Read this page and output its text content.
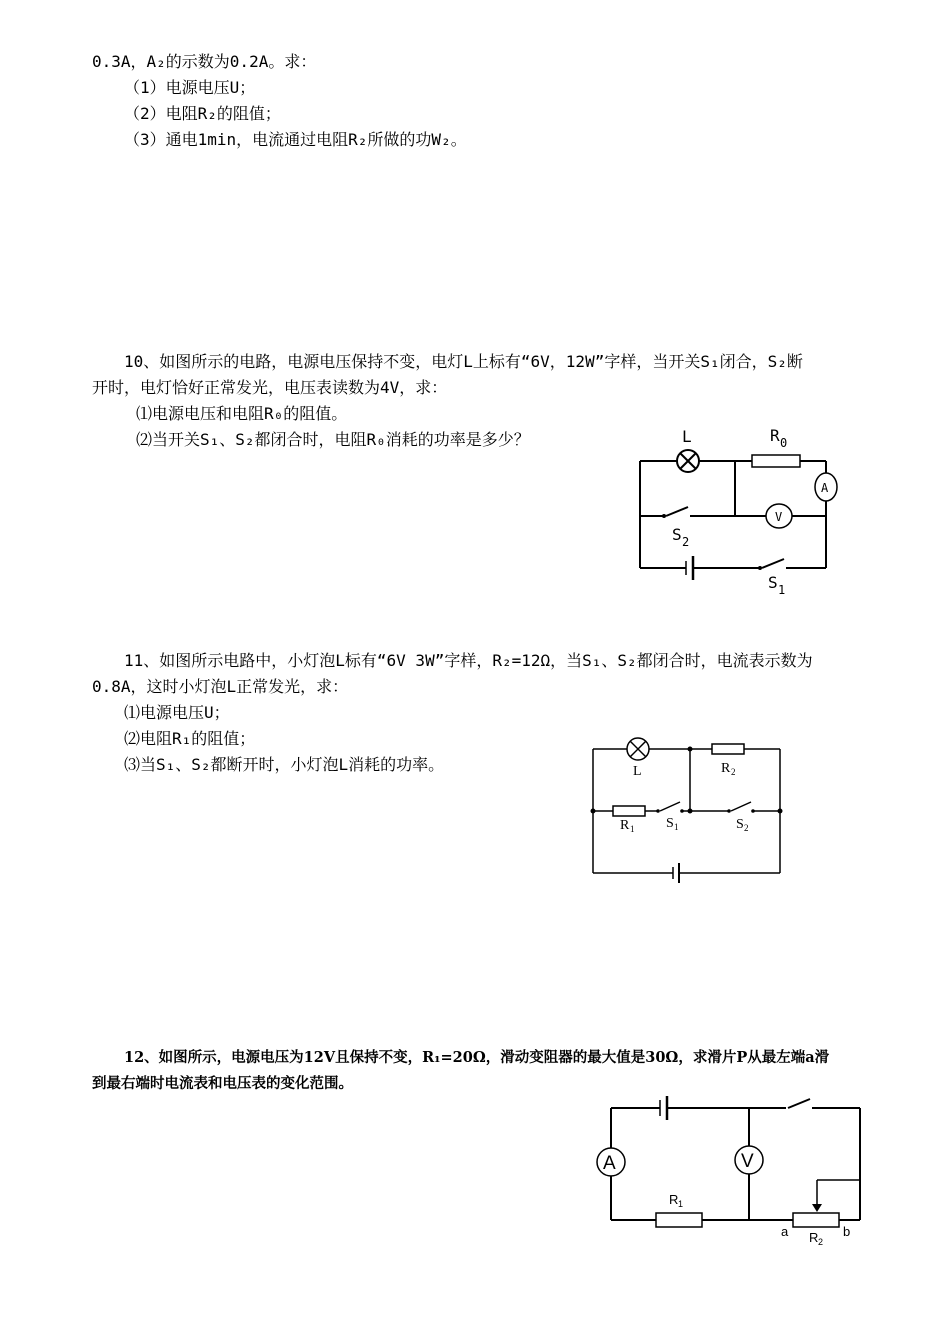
0.3A，A₂的示数为0.2A。求：
（1）电源电压U；
（2）电阻R₂的阻值；
（3）通电1min，电流通过电阻R₂所做的功W₂。
10、如图所示的电路，电源电压保持不变，电灯L上标有“6V，12W”字样，当开关S₁闭合，S₂断
开时，电灯恰好正常发光，电压表读数为4V，求：
⑴电源电压和电阻R₀的阻值。
⑵当开关S₁、S₂都闭合时，电阻R₀消耗的功率是多少？	L	R 0
A
V
S 2
S 1
11、如图所示电路中，小灯泡L标有“6V 3W”字样，R₂=12Ω，当S₁、S₂都闭合时，电流表示数为
0.8A，这时小灯泡L正常发光，求：
⑴电源电压U；
⑵电阻R₁的阻值；
⑶当S₁、S₂都断开时，小灯泡L消耗的功率。	L	R 2
R 1 S 1	S 2
12、如图所示，电源电压为12V且保持不变，R₁=20Ω，滑动变阻器的最大值是30Ω，求滑片P从最左端a滑
到最右端时电流表和电压表的变化范围。
A	V
R 1
R 2
a	b
